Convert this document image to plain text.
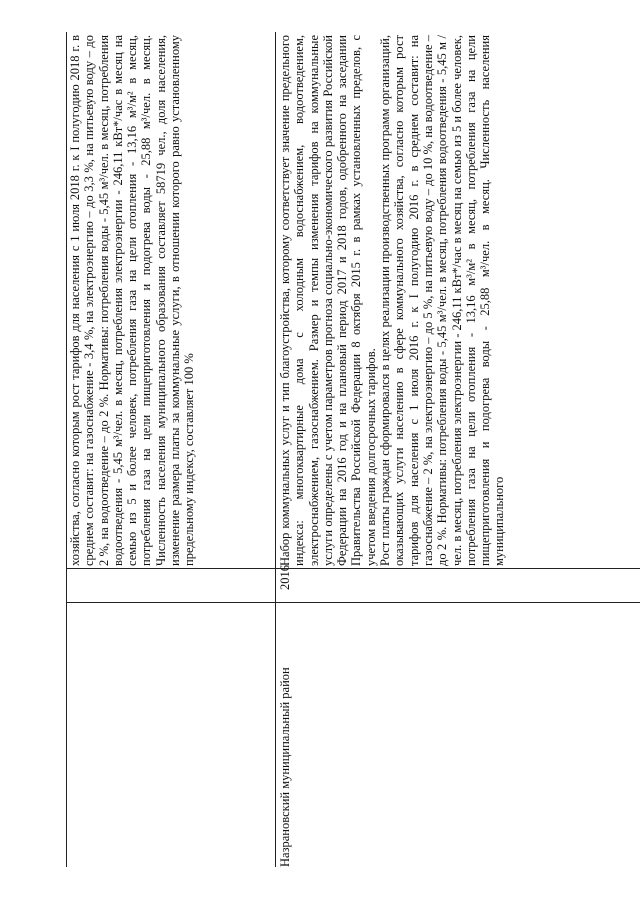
хозяйства, согласно которым рост тарифов для населения с 1 июля 2018 г. к I полугодию 2018 г. в среднем составит: на газоснабжение - 3,4 %, на электроэнергию – до 3,3 %, на питьевую воду – до 2 %, на водоотведение – до 2 %. Нормативы: потребления воды - 5,45 м³/чел. в месяц, потребления водоотведения - 5,45 м³/чел. в месяц, потребления электроэнергии - 246,11 кВт*/час в месяц на семью из 5 и более человек, потребления газа на цели отопления - 13,16 м³/м² в месяц, потребления газа на цели пищеприготовления и подогрева воды - 25,88 м³/чел. в месяц. Численность населения муниципального образования составляет 58719 чел., доля населения, изменение размера платы за коммунальные услуги, в отношении которого равно установленному предельному индексу, составляет 100 %

Назрановский муниципальный район
2016

Набор коммунальных услуг и тип благоустройства, которому соответствует значение предельного индекса: многоквартирные дома с холодным водоснабжением, водоотведением, электроснабжением, газоснабжением. Размер и темпы изменения тарифов на коммунальные услуги определены с учетом параметров прогноза социально-экономического развития Российской Федерации на 2016 год и на плановый период 2017 и 2018 годов, одобренного на заседании Правительства Российской Федерации 8 октября 2015 г. в рамках установленных пределов, с учетом введения долгосрочных тарифов. Рост платы граждан сформировался в целях реализации производственных программ организаций, оказывающих услуги населению в сфере коммунального хозяйства, согласно которым рост тарифов для населения с 1 июля 2016 г. к I полугодию 2016 г. в среднем составит: на газоснабжение – 2 %, на электроэнергию – до 5 %, на питьевую воду – до 10 %, на водоотведение – до 2 %. Нормативы: потребления воды - 5,45 м³/чел. в месяц, потребления водоотведения - 5,45 м /чел. в месяц, потребления электроэнергии - 246,11 кВт*/час в месяц на семью из 5 и более человек, потребления газа на цели отопления - 13,16 м³/м² в месяц, потребления газа на цели пищеприготовления и подогрева воды - 25,88 м³/чел. в месяц. Численность населения муниципального
